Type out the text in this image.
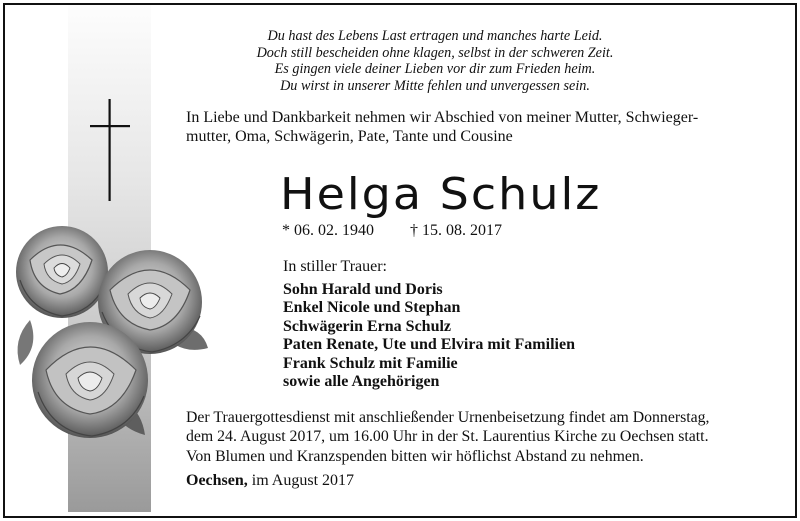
Du hast des Lebens Last ertragen und manches harte Leid.
Doch still bescheiden ohne klagen, selbst in der schweren Zeit.
Es gingen viele deiner Lieben vor dir zum Frieden heim.
Du wirst in unserer Mitte fehlen und unvergessen sein.
In Liebe und Dankbarkeit nehmen wir Abschied von meiner Mutter, Schwieger-
mutter, Oma, Schwägerin, Pate, Tante und Cousine
Helga Schulz
* 06. 02. 1940 † 15. 08. 2017
In stiller Trauer:
Sohn Harald und Doris
Enkel Nicole und Stephan
Schwägerin Erna Schulz
Paten Renate, Ute und Elvira mit Familien
Frank Schulz mit Familie
sowie alle Angehörigen
Der Trauergottesdienst mit anschließender Urnenbeisetzung findet am Donnerstag,
dem 24. August 2017, um 16.00 Uhr in der St. Laurentius Kirche zu Oechsen statt.
Von Blumen und Kranzspenden bitten wir höflichst Abstand zu nehmen.
Oechsen, im August 2017
